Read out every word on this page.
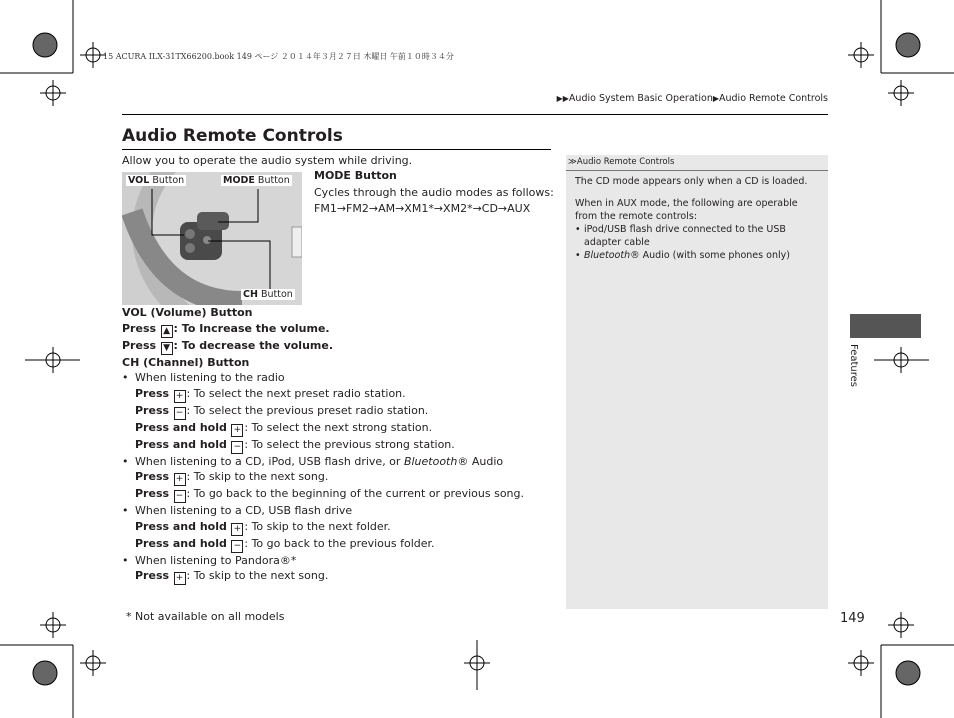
15 ACURA ILX-31TX66200.book 149 ページ ２０１４年３月２７日 木曜日 午前１０時３４分
▶▶Audio System Basic Operation▶Audio Remote Controls
Audio Remote Controls
Allow you to operate the audio system while driving.
VOL Button	MODE Button
CH Button
MODE Button
Cycles through the audio modes as follows:
FM1→FM2→AM→XM1*→XM2*→CD→AUX
VOL (Volume) Button
Press ▲ : To Increase the volume.
Press ▼ : To decrease the volume.
CH (Channel) Button
• When listening to the radio
Press + : To select the next preset radio station.
Press − : To select the previous preset radio station.
Press and hold + : To select the next strong station.
Press and hold − : To select the previous strong station.
• When listening to a CD, iPod, USB flash drive, or Bluetooth® Audio
Press + : To skip to the next song.
Press − : To go back to the beginning of the current or previous song.
• When listening to a CD, USB flash drive
Press and hold + : To skip to the next folder.
Press and hold − : To go back to the previous folder.
• When listening to Pandora®*
Press + : To skip to the next song.
≫Audio Remote Controls

The CD mode appears only when a CD is loaded.

When in AUX mode, the following are operable from the remote controls:

• iPod/USB flash drive connected to the USB adapter cable
• Bluetooth® Audio (with some phones only)
Features
* Not available on all models	149
